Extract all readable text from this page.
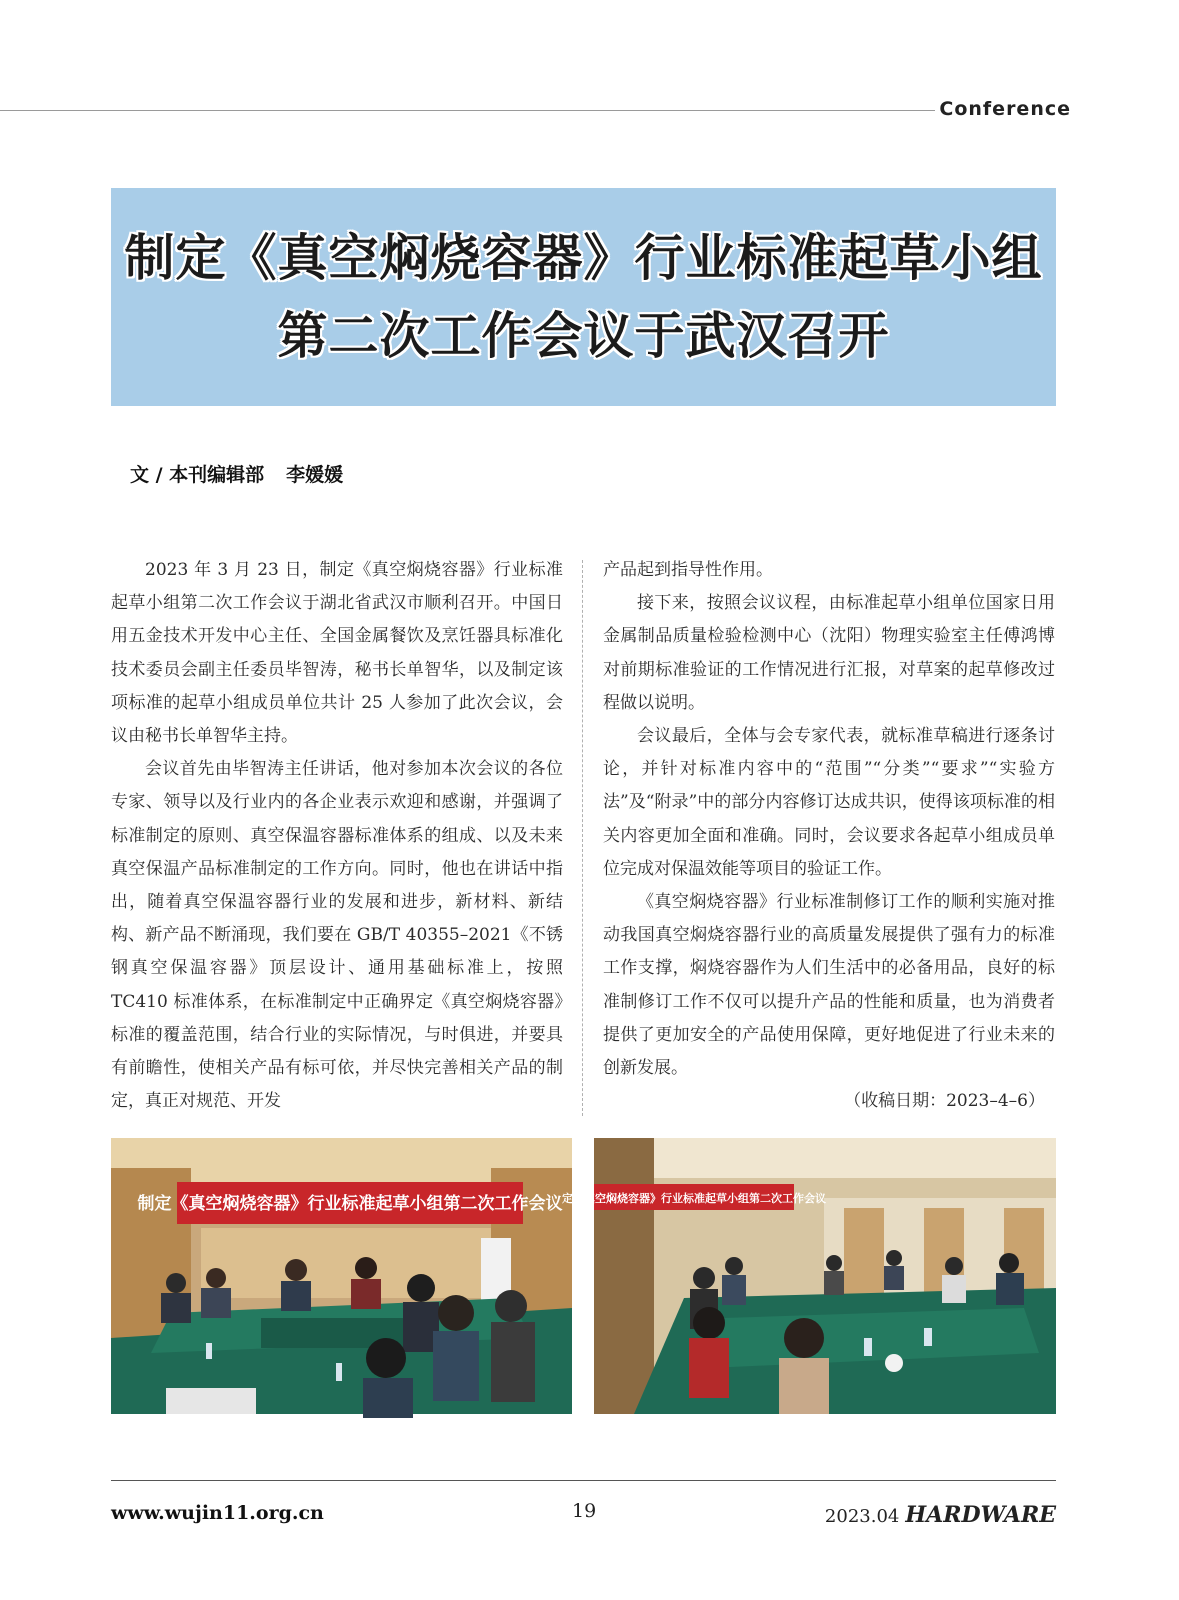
Conference
制定《真空焖烧容器》行业标准起草小组
第二次工作会议于武汉召开
文 / 本刊编辑部 李媛媛

2023 年 3 月 23 日，制定《真空焖烧容器》行业标准起草小组第二次工作会议于湖北省武汉市顺利召开。中国日用五金技术开发中心主任、全国金属餐饮及烹饪器具标准化技术委员会副主任委员毕智涛，秘书长单智华，以及制定该项标准的起草小组成员单位共计 25 人参加了此次会议，会议由秘书长单智华主持。

会议首先由毕智涛主任讲话，他对参加本次会议的各位专家、领导以及行业内的各企业表示欢迎和感谢，并强调了标准制定的原则、真空保温容器标准体系的组成、以及未来真空保温产品标准制定的工作方向。同时，他也在讲话中指出，随着真空保温容器行业的发展和进步，新材料、新结构、新产品不断涌现，我们要在 GB/T 40355–2021《不锈钢真空保温容器》顶层设计、通用基础标准上，按照 TC410 标准体系，在标准制定中正确界定《真空焖烧容器》标准的覆盖范围，结合行业的实际情况，与时俱进，并要具有前瞻性，使相关产品有标可依，并尽快完善相关产品的制定，真正对规范、开发

产品起到指导性作用。

接下来，按照会议议程，由标准起草小组单位国家日用金属制品质量检验检测中心（沈阳）物理实验室主任傅鸿博对前期标准验证的工作情况进行汇报，对草案的起草修改过程做以说明。

会议最后，全体与会专家代表，就标准草稿进行逐条讨论，并针对标准内容中的“范围”“分类”“要求”“实验方法”及“附录”中的部分内容修订达成共识，使得该项标准的相关内容更加全面和准确。同时，会议要求各起草小组成员单位完成对保温效能等项目的验证工作。

《真空焖烧容器》行业标准制修订工作的顺利实施对推动我国真空焖烧容器行业的高质量发展提供了强有力的标准工作支撑，焖烧容器作为人们生活中的必备用品，良好的标准制修订工作不仅可以提升产品的性能和质量，也为消费者提供了更加安全的产品使用保障，更好地促进了行业未来的创新发展。

（收稿日期：2023–4–6）

制定《真空焖烧容器》行业标准起草小组第二次工作会议 定《真空焖烧容器》行业标准起草小组第二次工作会议
www.wujin11.org.cn	19	2023.04 HARDWARE
